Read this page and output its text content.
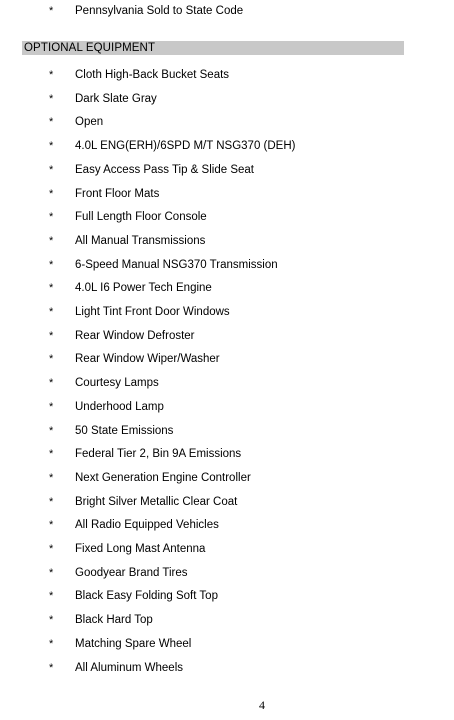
*	Pennsylvania Sold to State Code
OPTIONAL EQUIPMENT
*	Cloth High-Back Bucket Seats
*	Dark Slate Gray
*	Open
*	4.0L ENG(ERH)/6SPD M/T NSG370 (DEH)
*	Easy Access Pass Tip & Slide Seat
*	Front Floor Mats
*	Full Length Floor Console
*	All Manual Transmissions
*	6-Speed Manual NSG370 Transmission
*	4.0L I6 Power Tech Engine
*	Light Tint Front Door Windows
*	Rear Window Defroster
*	Rear Window Wiper/Washer
*	Courtesy Lamps
*	Underhood Lamp
*	50 State Emissions
*	Federal Tier 2, Bin 9A Emissions
*	Next Generation Engine Controller
*	Bright Silver Metallic Clear Coat
*	All Radio Equipped Vehicles
*	Fixed Long Mast Antenna
*	Goodyear Brand Tires
*	Black Easy Folding Soft Top
*	Black Hard Top
*	Matching Spare Wheel
*	All Aluminum Wheels
4
